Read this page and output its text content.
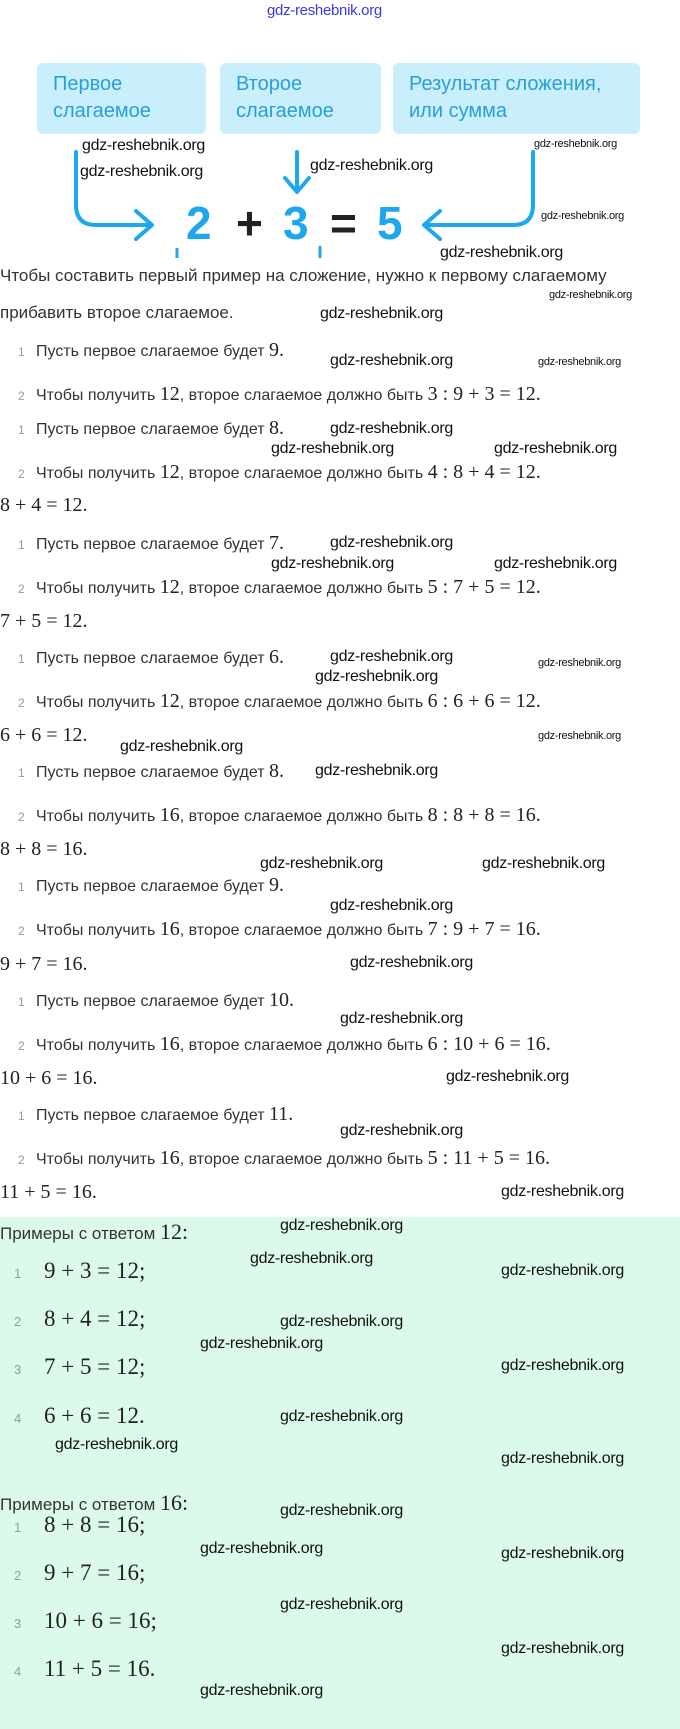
Первое
слагаемое
Второе
слагаемое
Результат сложения,
или сумма
2 + 3 = 5
Чтобы составить первый пример на сложение, нужно к первому слагаемому
прибавить второе слагаемое.
1 Пусть первое слагаемое будет 9.
2 Чтобы получить 12, второе слагаемое должно быть 3 : 9 + 3 = 12.
1 Пусть первое слагаемое будет 8.
2 Чтобы получить 12, второе слагаемое должно быть 4 : 8 + 4 = 12.
8 + 4 = 12.
1 Пусть первое слагаемое будет 7.
2 Чтобы получить 12, второе слагаемое должно быть 5 : 7 + 5 = 12.
7 + 5 = 12.
1 Пусть первое слагаемое будет 6.
2 Чтобы получить 12, второе слагаемое должно быть 6 : 6 + 6 = 12.
6 + 6 = 12.
1 Пусть первое слагаемое будет 8.
2 Чтобы получить 16, второе слагаемое должно быть 8 : 8 + 8 = 16.
8 + 8 = 16.
1 Пусть первое слагаемое будет 9.
2 Чтобы получить 16, второе слагаемое должно быть 7 : 9 + 7 = 16.
9 + 7 = 16.
1 Пусть первое слагаемое будет 10.
2 Чтобы получить 16, второе слагаемое должно быть 6 : 10 + 6 = 16.
10 + 6 = 16.
1 Пусть первое слагаемое будет 11.
2 Чтобы получить 16, второе слагаемое должно быть 5 : 11 + 5 = 16.
11 + 5 = 16.
Примеры с ответом 12:
1 9 + 3 = 12;
2 8 + 4 = 12;
3 7 + 5 = 12;
4 6 + 6 = 12.
Примеры с ответом 16:
1 8 + 8 = 16;
2 9 + 7 = 16;
3 10 + 6 = 16;
4 11 + 5 = 16.
gdz-reshebnik.org
gdz-reshebnik.org	gdz-reshebnik.org
gdz-reshebnik.org
gdz-reshebnik.org
gdz-reshebnik.org
gdz-reshebnik.org
gdz-reshebnik.org
gdz-reshebnik.org
gdz-reshebnik.org	gdz-reshebnik.org
gdz-reshebnik.org
gdz-reshebnik.org	gdz-reshebnik.org
gdz-reshebnik.org
gdz-reshebnik.org	gdz-reshebnik.org
gdz-reshebnik.org
gdz-reshebnik.org
gdz-reshebnik.org
gdz-reshebnik.org
gdz-reshebnik.org
gdz-reshebnik.org
gdz-reshebnik.org	gdz-reshebnik.org
gdz-reshebnik.org
gdz-reshebnik.org
gdz-reshebnik.org
gdz-reshebnik.org
gdz-reshebnik.org
gdz-reshebnik.org
gdz-reshebnik.org
gdz-reshebnik.org
gdz-reshebnik.org
gdz-reshebnik.org
gdz-reshebnik.org
gdz-reshebnik.org
gdz-reshebnik.org
gdz-reshebnik.org
gdz-reshebnik.org
gdz-reshebnik.org
gdz-reshebnik.org	gdz-reshebnik.org
gdz-reshebnik.org
gdz-reshebnik.org
gdz-reshebnik.org
